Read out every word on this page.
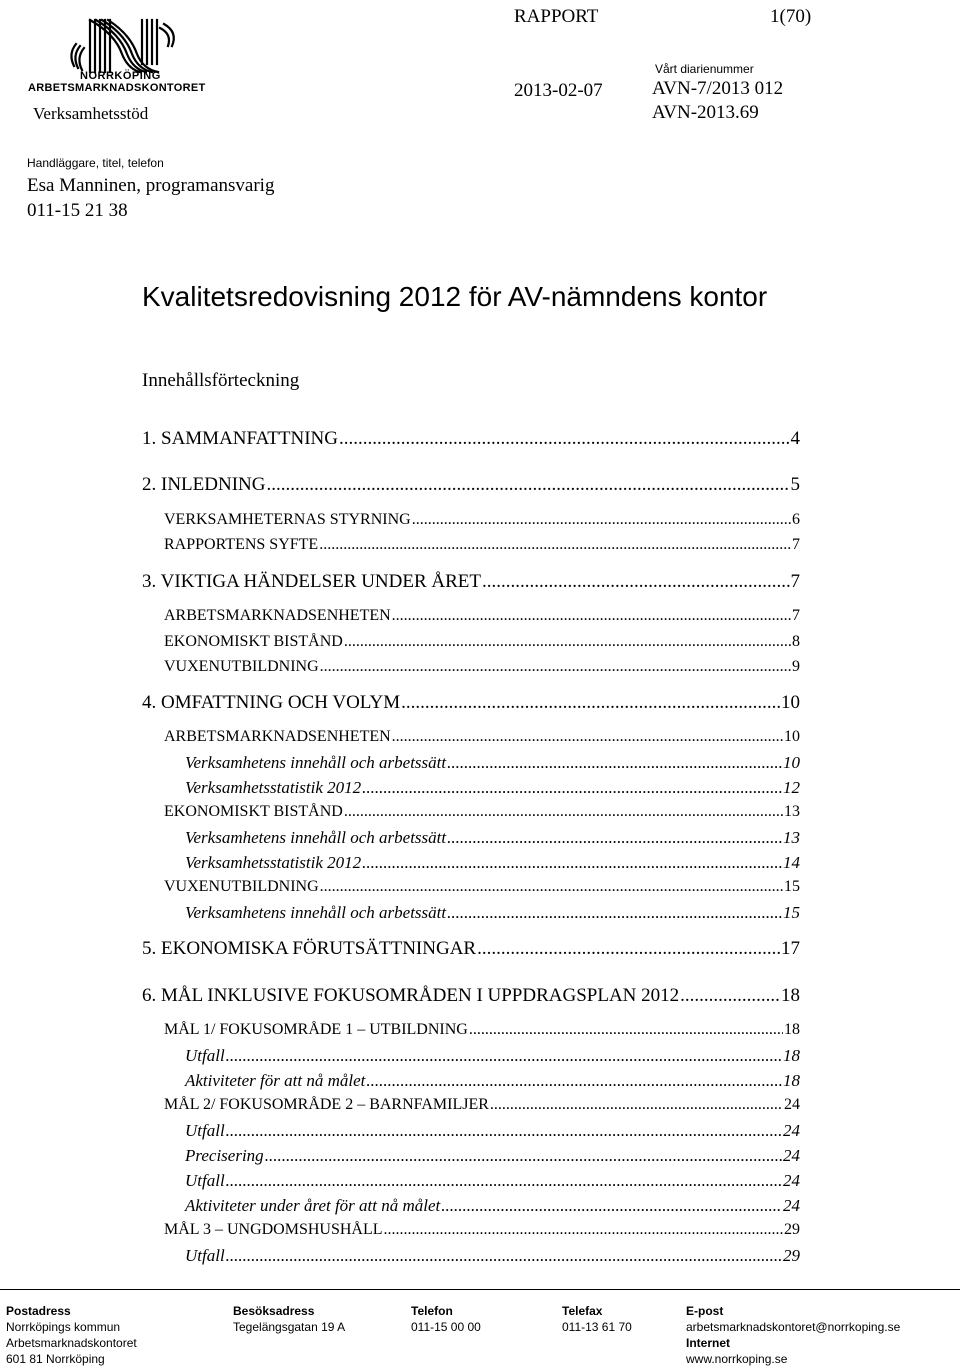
NORRKÖPING
ARBETSMARKNADSKONTORET
Verksamhetsstöd
RAPPORT	1(70)
Vårt diarienummer
2013-02-07	AVN-7/2013 012
AVN-2013.69
Handläggare, titel, telefon
Esa Manninen, programansvarig
011-15 21 38
Kvalitetsredovisning 2012 för AV-nämndens kontor
Innehållsförteckning
1. SAMMANFATTNING .....	4
2. INLEDNING .....	5
VERKSAMHETERNAS STYRNING .....	6
RAPPORTENS SYFTE .....	7
3. VIKTIGA HÄNDELSER UNDER ÅRET .....	7
ARBETSMARKNADSENHETEN .....	7
EKONOMISKT BISTÅND .....	8
VUXENUTBILDNING .....	9
4. OMFATTNING OCH VOLYM .....	10
ARBETSMARKNADSENHETEN .....	10
Verksamhetens innehåll och arbetssätt .....	10
Verksamhetsstatistik 2012 .....	12
EKONOMISKT BISTÅND .....	13
Verksamhetens innehåll och arbetssätt .....	13
Verksamhetsstatistik 2012 .....	14
VUXENUTBILDNING .....	15
Verksamhetens innehåll och arbetssätt .....	15
5. EKONOMISKA FÖRUTSÄTTNINGAR .....	17
6. MÅL INKLUSIVE FOKUSOMRÅDEN I UPPDRAGSPLAN 2012 .....	18
MÅL 1/ FOKUSOMRÅDE 1 – UTBILDNING .....	18
Utfall .....	18
Aktiviteter för att nå målet .....	18
MÅL 2/ FOKUSOMRÅDE 2 – BARNFAMILJER .....	24
Utfall .....	24
Precisering .....	24
Utfall .....	24
Aktiviteter under året för att nå målet .....	24
MÅL 3 – UNGDOMSHUSHÅLL .....	29
Utfall .....	29
Postadress
Norrköpings kommun
Arbetsmarknadskontoret
601 81 Norrköping
Besöksadress
Tegelängsgatan 19 A
Telefon
011-15 00 00
Telefax
011-13 61 70
E-post
arbetsmarknadskontoret@norrkoping.se
Internet
www.norrkoping.se
